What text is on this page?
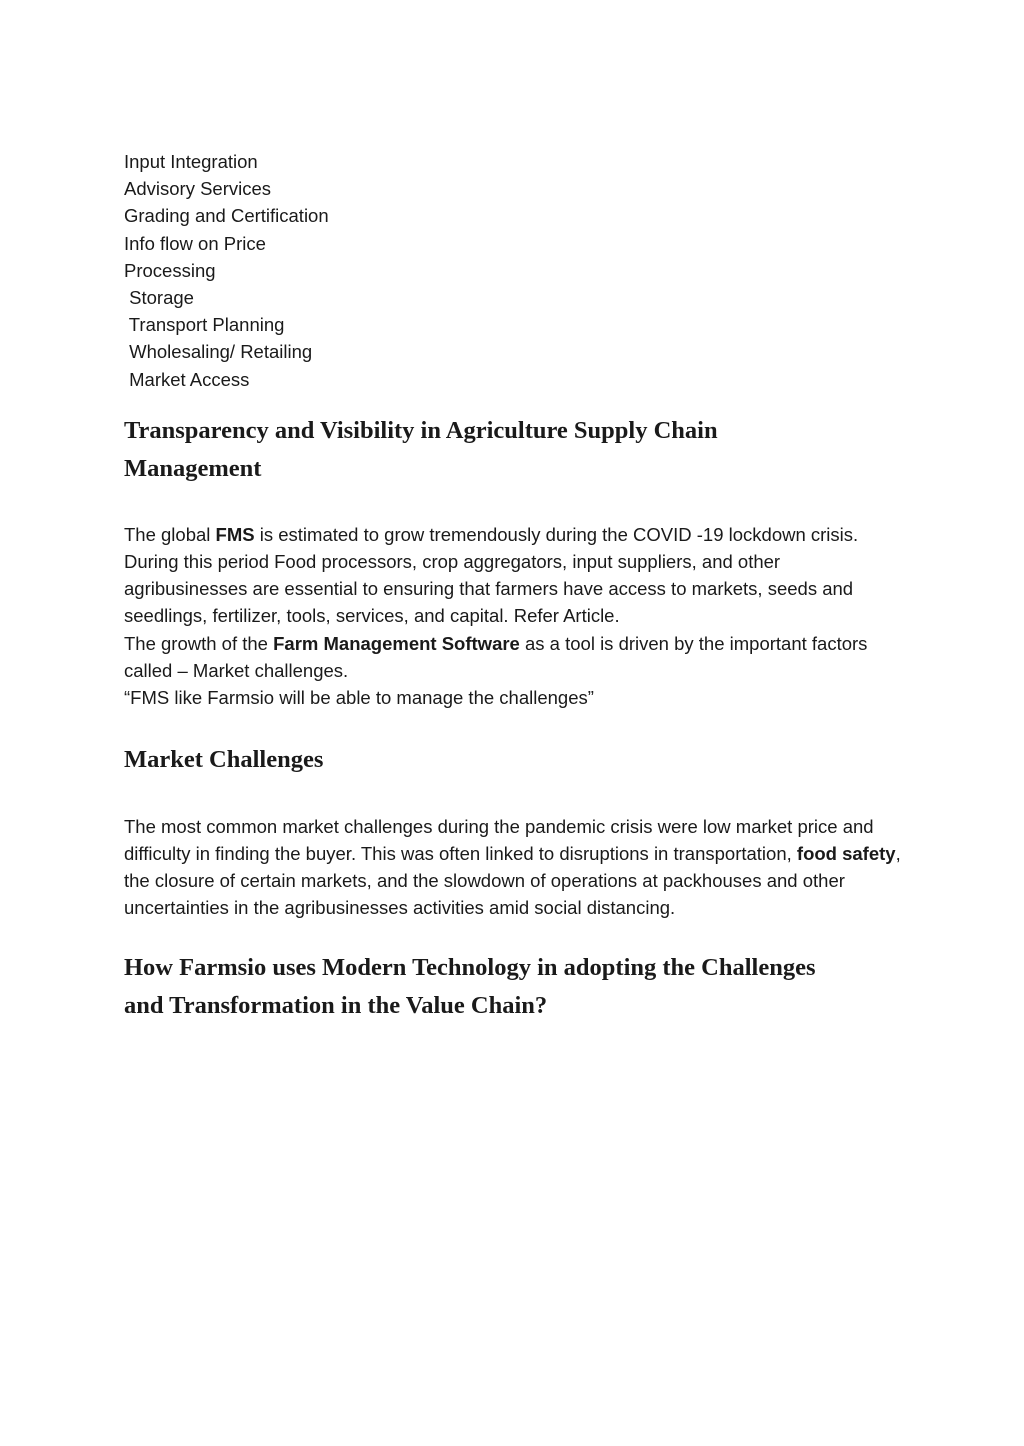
Input Integration
Advisory Services
Grading and Certification
Info flow on Price
Processing
Storage
Transport Planning
Wholesaling/ Retailing
Market Access
Transparency and Visibility in Agriculture Supply Chain
Management

The global FMS is estimated to grow tremendously during the COVID -19 lockdown crisis. During this period Food processors, crop aggregators, input suppliers, and other agribusinesses are essential to ensuring that farmers have access to markets, seeds and seedlings, fertilizer, tools, services, and capital. Refer Article.

The growth of the Farm Management Software as a tool is driven by the important factors called – Market challenges.

“FMS like Farmsio will be able to manage the challenges”

Market Challenges

The most common market challenges during the pandemic crisis were low market price and difficulty in finding the buyer. This was often linked to disruptions in transportation, food safety, the closure of certain markets, and the slowdown of operations at packhouses and other uncertainties in the agribusinesses activities amid social distancing.

How Farmsio uses Modern Technology in adopting the Challenges
and Transformation in the Value Chain?
